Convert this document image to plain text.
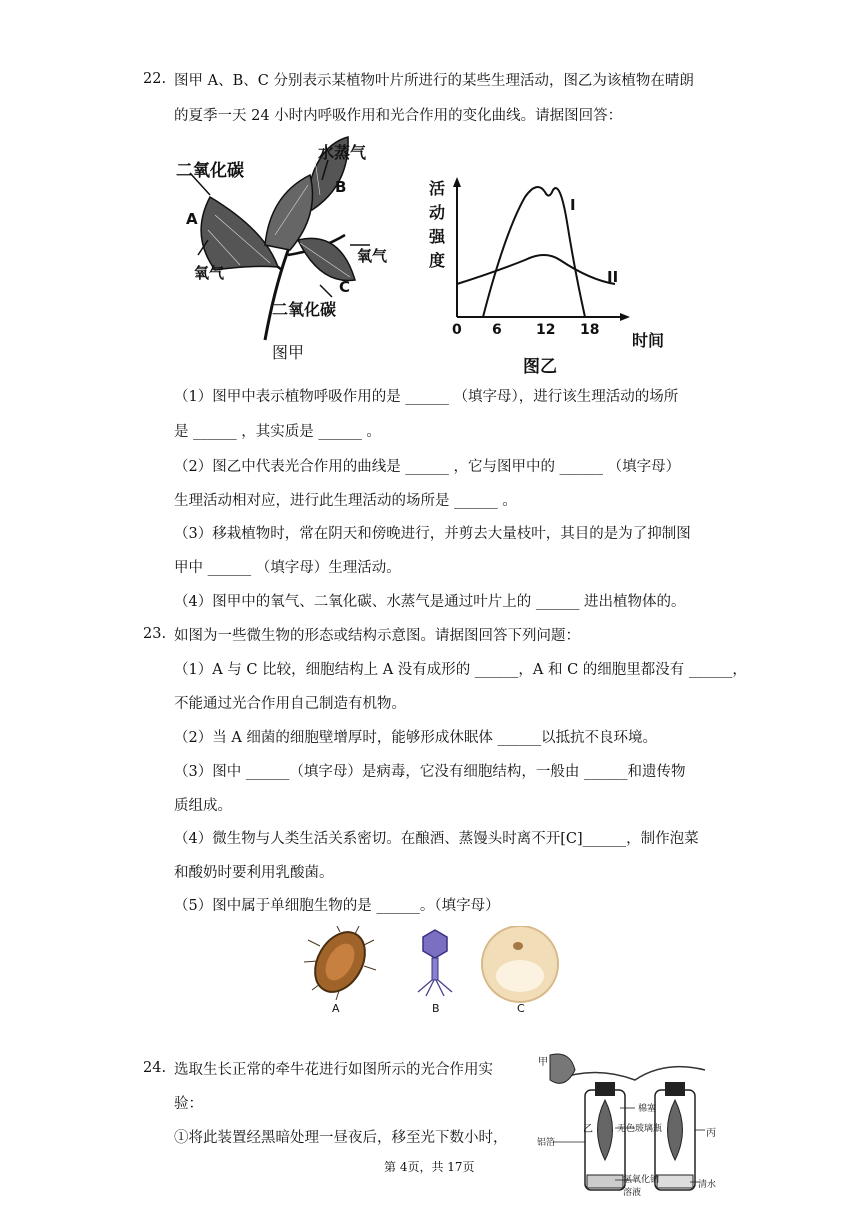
22. 图甲 A、B、C 分别表示某植物叶片所进行的某些生理活动，图乙为该植物在晴朗
的夏季一天 24 小时内呼吸作用和光合作用的变化曲线。请据图回答：
二氧化碳
水蒸气
A
B
C
氧气
氧气
二氧化碳
图甲
活
动
强
度
I
II
0 6 12 18
时间
图乙
（1）图甲中表示植物呼吸作用的是 ______ （填字母），进行该生理活动的场所
是 ______ ，其实质是 ______ 。
（2）图乙中代表光合作用的曲线是 ______ ，它与图甲中的 ______ （填字母）
生理活动相对应，进行此生理活动的场所是 ______ 。
（3）移栽植物时，常在阴天和傍晚进行，并剪去大量枝叶，其目的是为了抑制图
甲中 ______ （填字母）生理活动。
（4）图甲中的氧气、二氧化碳、水蒸气是通过叶片上的 ______ 进出植物体的。
23. 如图为一些微生物的形态或结构示意图。请据图回答下列问题：
（1）A 与 C 比较，细胞结构上 A 没有成形的 ______，A 和 C 的细胞里都没有 ______，
不能通过光合作用自己制造有机物。
（2）当 A 细菌的细胞壁增厚时，能够形成休眠体 ______以抵抗不良环境。
（3）图中 ______（填字母）是病毒，它没有细胞结构，一般由 ______和遗传物
质组成。
（4）微生物与人类生活关系密切。在酿酒、蒸馒头时离不开[C]______，制作泡菜
和酸奶时要利用乳酸菌。
（5）图中属于单细胞生物的是 ______。（填字母）
A	B	C
24. 选取生长正常的牵牛花进行如图所示的光合作用实
验：
①将此装置经黑暗处理一昼夜后，移至光下数小时，
甲
铝箔
乙
棉塞
无色玻璃瓶	丙
氢氧化钠
溶液
清水
第 4页，共 17页
